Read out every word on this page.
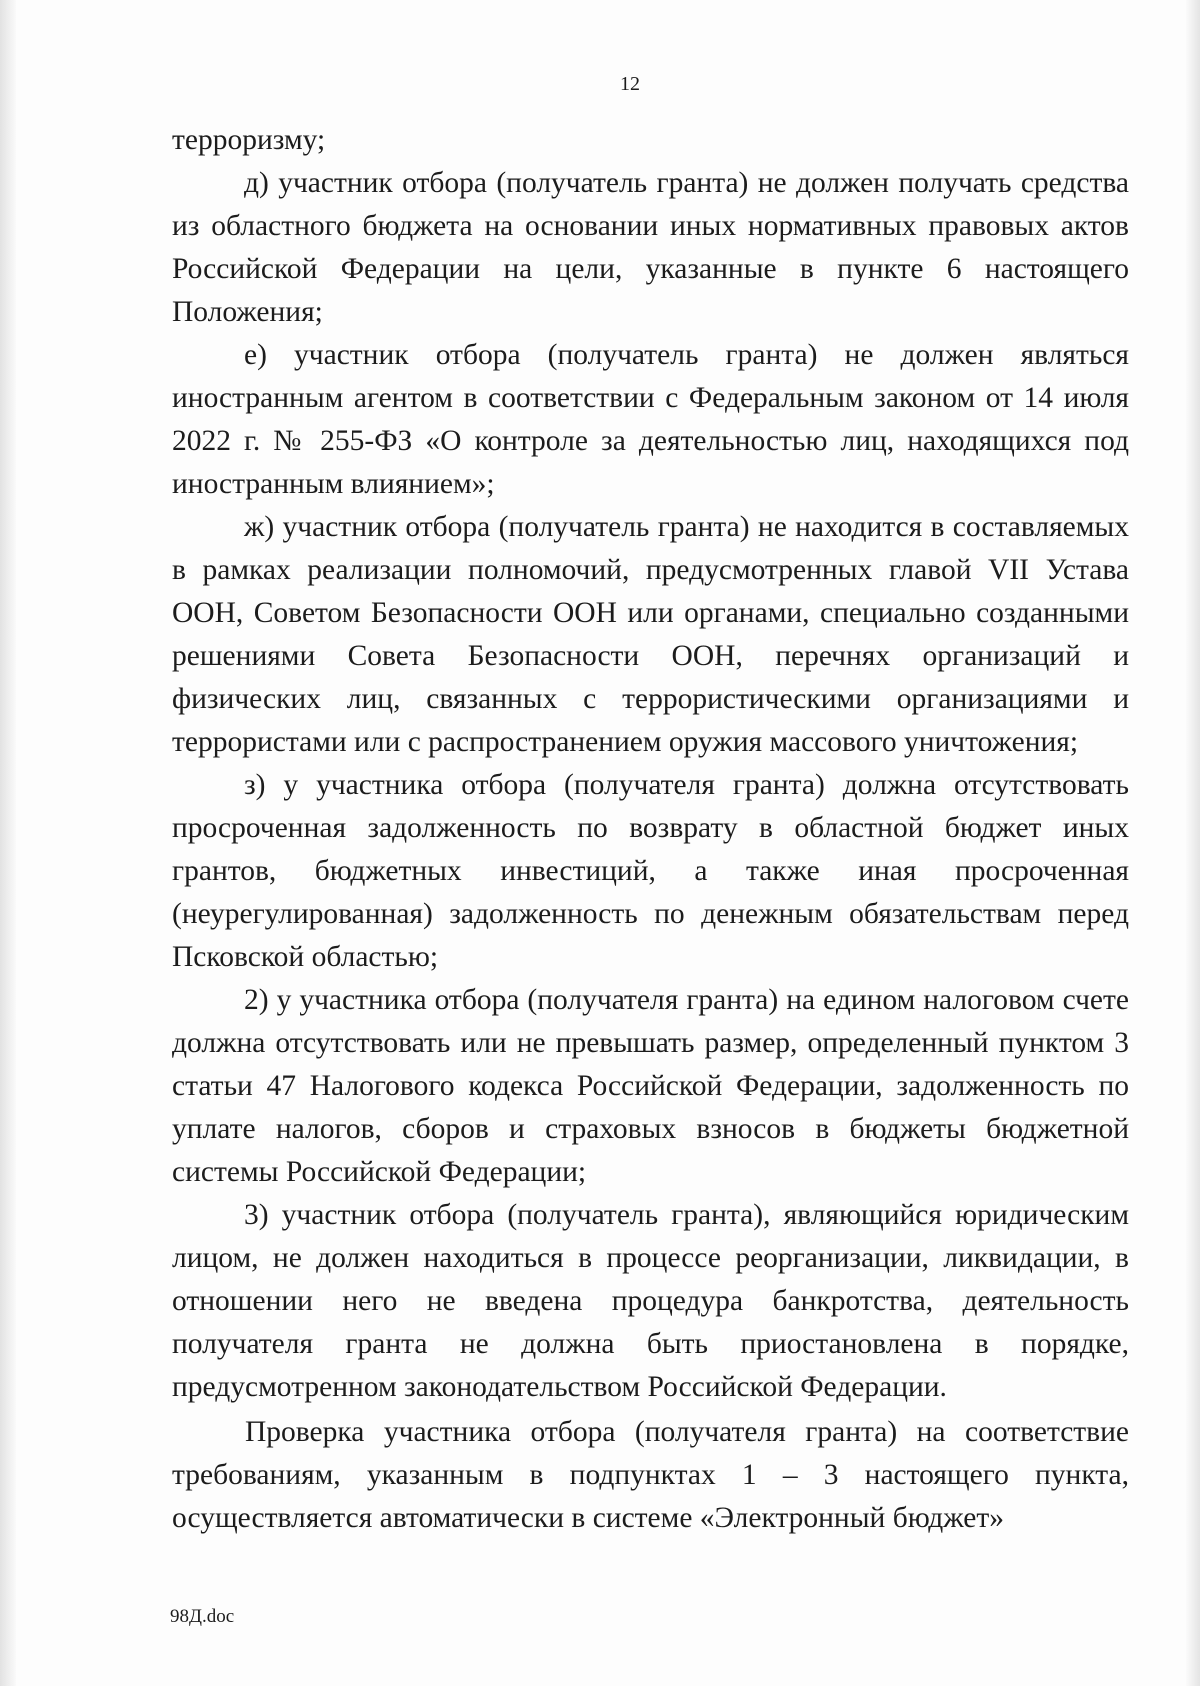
12

терроризму;

д) участник отбора (получатель гранта) не должен получать средства из областного бюджета на основании иных нормативных правовых актов Российской Федерации на цели, указанные в пункте 6 настоящего Положения;

е) участник отбора (получатель гранта) не должен являться иностранным агентом в соответствии с Федеральным законом от 14 июля 2022 г. № 255-ФЗ «О контроле за деятельностью лиц, находящихся под иностранным влиянием»;

ж) участник отбора (получатель гранта) не находится в составляемых в рамках реализации полномочий, предусмотренных главой VII Устава ООН, Советом Безопасности ООН или органами, специально созданными решениями Совета Безопасности ООН, перечнях организаций и физических лиц, связанных с террористическими организациями и террористами или с распространением оружия массового уничтожения;

з) у участника отбора (получателя гранта) должна отсутствовать просроченная задолженность по возврату в областной бюджет иных грантов, бюджетных инвестиций, а также иная просроченная (неурегулированная) задолженность по денежным обязательствам перед Псковской областью;

2) у участника отбора (получателя гранта) на едином налоговом счете должна отсутствовать или не превышать размер, определенный пунктом 3 статьи 47 Налогового кодекса Российской Федерации, задолженность по уплате налогов, сборов и страховых взносов в бюджеты бюджетной системы Российской Федерации;

3) участник отбора (получатель гранта), являющийся юридическим лицом, не должен находиться в процессе реорганизации, ликвидации, в отношении него не введена процедура банкротства, деятельность получателя гранта не должна быть приостановлена в порядке, предусмотренном законодательством Российской Федерации.

Проверка участника отбора (получателя гранта) на соответствие требованиям, указанным в подпунктах 1 – 3 настоящего пункта, осуществляется автоматически в системе «Электронный бюджет»

98Д.doc
